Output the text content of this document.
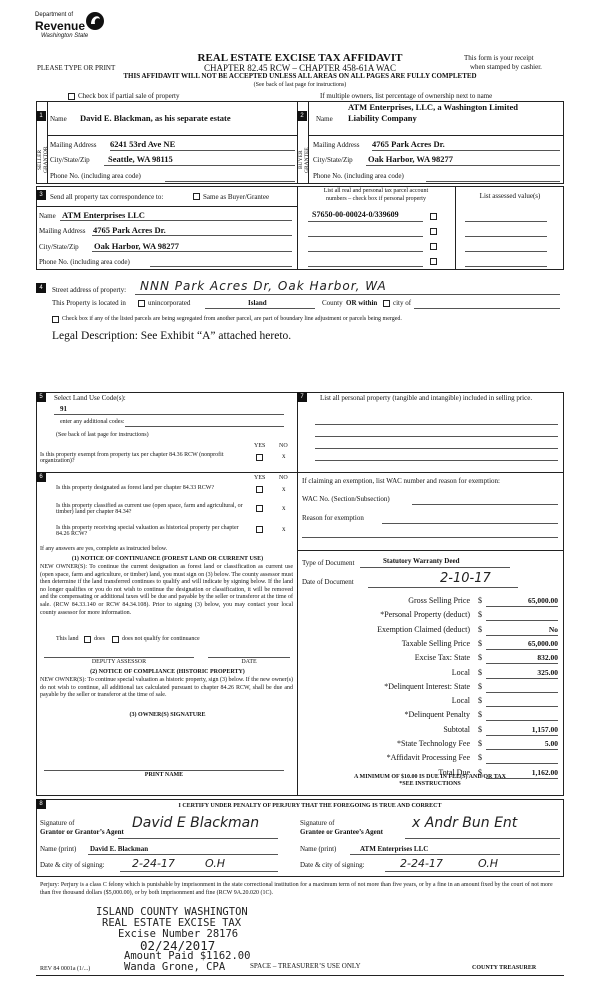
Department of
Revenue
Washington State
REAL ESTATE EXCISE TAX AFFIDAVIT
CHAPTER 82.45 RCW – CHAPTER 458-61A WAC
PLEASE TYPE OR PRINT
This form is your receipt
when stamped by cashier.
THIS AFFIDAVIT WILL NOT BE ACCEPTED UNLESS ALL AREAS ON ALL PAGES ARE FULLY COMPLETED
(See back of last page for instructions)
Check box if partial sale of property	If multiple owners, list percentage of ownership next to name
1	2
SELLER GRANTOR	BUYER GRANTEE
Name David E. Blackman, as his separate estate
Mailing Address 6241 53rd Ave NE
City/State/Zip Seattle, WA 98115
Phone No. (including area code)
Name
ATM Enterprises, LLC, a Washington Limited
Liability Company
Mailing Address 4765 Park Acres Dr.
City/State/Zip Oak Harbor, WA 98277
Phone No. (including area code)
3	Send all property tax correspondence to:	Same as Buyer/Grantee
Name ATM Enterprises LLC
Mailing Address 4765 Park Acres Dr.
City/State/Zip Oak Harbor, WA 98277
Phone No. (including area code)
List all real and personal tax parcel account
numbers – check box if personal property	List assessed value(s)
S7650-00-00024-0/339609
4	Street address of property: NNN Park Acres Dr, Oak Harbor, WA
This Property is located in	unincorporated	Island	County OR within city of
Check box if any of the listed parcels are being segregated from another parcel, are part of boundary line adjustment or parcels being merged.
Legal Description: See Exhibit “A” attached hereto.
5	7
6
Select Land Use Code(s):
91
enter any additional codes:
(See back of last page for instructions)
YES NO
Is this property exempt from property tax per chapter 84.36 RCW (nonprofit organization)?
x
YES NO
Is this property designated as forest land per chapter 84.33 RCW?	x
Is this property classified as current use (open space, farm and agricultural, or timber) land per chapter 84.34?	x
Is this property receiving special valuation as historical property per chapter 84.26 RCW?
x
If any answers are yes, complete as instructed below.
(1) NOTICE OF CONTINUANCE (FOREST LAND OR CURRENT USE)
NEW OWNER(S): To continue the current designation as forest land or classification as current use (open space, farm and agriculture, or timber) land, you must sign on (3) below. The county assessor must then determine if the land transferred continues to qualify and will indicate by signing below. If the land no longer qualifies or you do not wish to continue the designation or classification, it will be removed and the compensating or additional taxes will be due and payable by the seller or transferor at the time of sale. (RCW 84.33.140 or RCW 84.34.108). Prior to signing (3) below, you may contact your local county assessor for more information.
This land	does	does not qualify for continuance
DEPUTY ASSESSOR	DATE
(2) NOTICE OF COMPLIANCE (HISTORIC PROPERTY)
NEW OWNER(S): To continue special valuation as historic property, sign (3) below. If the new owner(s) do not wish to continue, all additional tax calculated pursuant to chapter 84.26 RCW, shall be due and payable by the seller or transferor at the time of sale.
(3) OWNER(S) SIGNATURE
PRINT NAME
List all personal property (tangible and intangible) included in selling price.
If claiming an exemption, list WAC number and reason for exemption:
WAC No. (Section/Subsection)
Reason for exemption
Type of Document	Statutory Warranty Deed
Date of Document	2-10-17
Gross Selling Price $	65,000.00
*Personal Property (deduct) $
Exemption Claimed (deduct) $	No
Taxable Selling Price $	65,000.00
Excise Tax: State $	832.00
Local $	325.00
*Delinquent Interest: State $
Local $
*Delinquent Penalty $
Subtotal $	1,157.00
*State Technology Fee $	5.00
*Affidavit Processing Fee $
Total Due $	1,162.00
A MINIMUM OF $10.00 IS DUE IN FEE(S) AND/OR TAX
*SEE INSTRUCTIONS
8	I CERTIFY UNDER PENALTY OF PERJURY THAT THE FOREGOING IS TRUE AND CORRECT
Signature of
Grantor or Grantor’s Agent
David E Blackman
Name (print) David E. Blackman
Date & city of signing: 2-24-17	O.H
Signature of
Grantee or Grantee’s Agent
x Andr Bun Ent
Name (print)	ATM Enterprises LLC
Date & city of signing:	2-24-17	O.H
Perjury: Perjury is a class C felony which is punishable by imprisonment in the state correctional institution for a maximum term of not more than five years, or by a fine in an amount fixed by the court of not more than five thousand dollars ($5,000.00), or by both imprisonment and fine (RCW 9A.20.020 (1C).
ISLAND COUNTY WASHINGTON
REAL ESTATE EXCISE TAX
Excise Number 28176
02/24/2017
Amount Paid $1162.00
Wanda Grone, CPA
REV 84 0001a (1/...)	SPACE – TREASURER’S USE ONLY	COUNTY TREASURER
